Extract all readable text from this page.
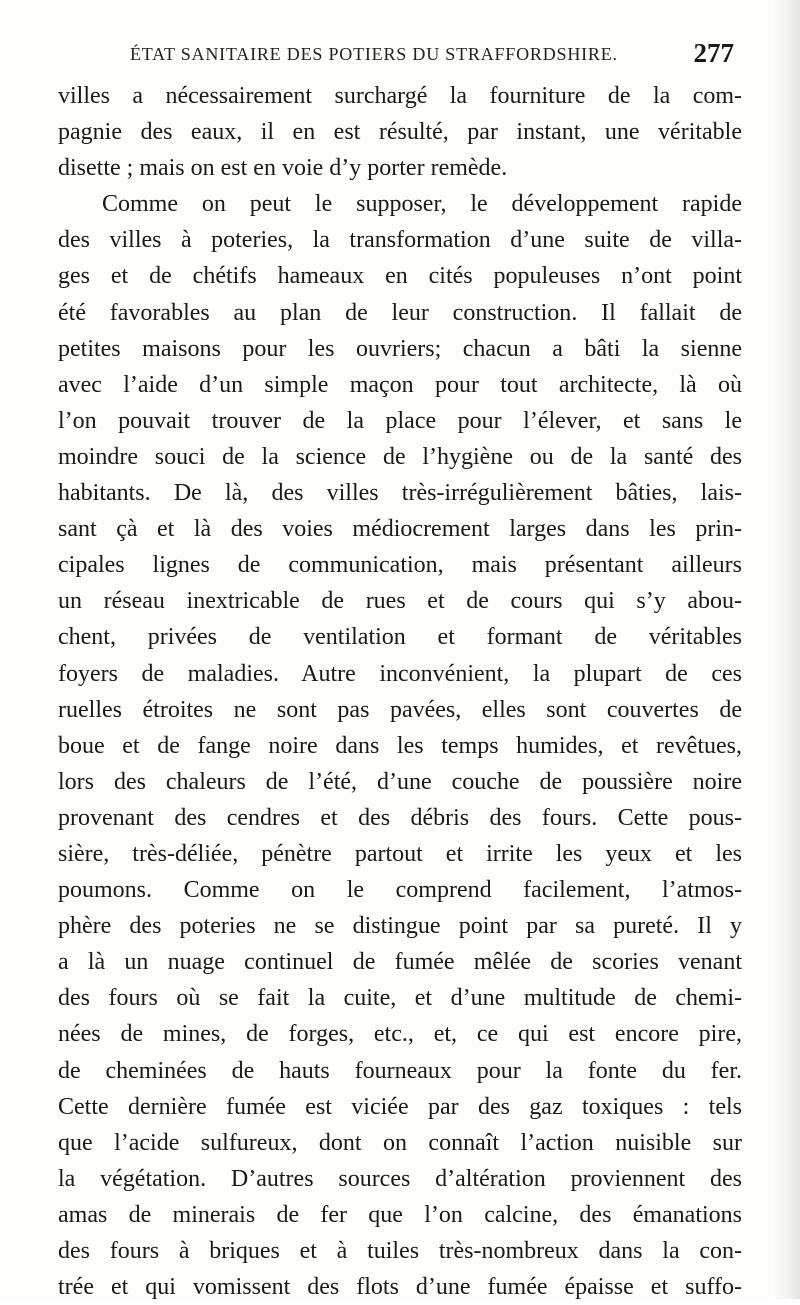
ÉTAT SANITAIRE DES POTIERS DU STRAFFORDSHIRE.	277
villes a nécessairement surchargé la fourniture de la com-
pagnie des eaux, il en est résulté, par instant, une véritable
disette ; mais on est en voie d’y porter remède.
Comme on peut le supposer, le développement rapide
des villes à poteries, la transformation d’une suite de villa-
ges et de chétifs hameaux en cités populeuses n’ont point
été favorables au plan de leur construction. Il fallait de
petites maisons pour les ouvriers; chacun a bâti la sienne
avec l’aide d’un simple maçon pour tout architecte, là où
l’on pouvait trouver de la place pour l’élever, et sans le
moindre souci de la science de l’hygiène ou de la santé des
habitants. De là, des villes très-irrégulièrement bâties, lais-
sant çà et là des voies médiocrement larges dans les prin-
cipales lignes de communication, mais présentant ailleurs
un réseau inextricable de rues et de cours qui s’y abou-
chent, privées de ventilation et formant de véritables
foyers de maladies. Autre inconvénient, la plupart de ces
ruelles étroites ne sont pas pavées, elles sont couvertes de
boue et de fange noire dans les temps humides, et revêtues,
lors des chaleurs de l’été, d’une couche de poussière noire
provenant des cendres et des débris des fours. Cette pous-
sière, très-déliée, pénètre partout et irrite les yeux et les
poumons. Comme on le comprend facilement, l’atmos-
phère des poteries ne se distingue point par sa pureté. Il y
a là un nuage continuel de fumée mêlée de scories venant
des fours où se fait la cuite, et d’une multitude de chemi-
nées de mines, de forges, etc., et, ce qui est encore pire,
de cheminées de hauts fourneaux pour la fonte du fer.
Cette dernière fumée est viciée par des gaz toxiques : tels
que l’acide sulfureux, dont on connaît l’action nuisible sur
la végétation. D’autres sources d’altération proviennent des
amas de minerais de fer que l’on calcine, des émanations
des fours à briques et à tuiles très-nombreux dans la con-
trée et qui vomissent des flots d’une fumée épaisse et suffo-
